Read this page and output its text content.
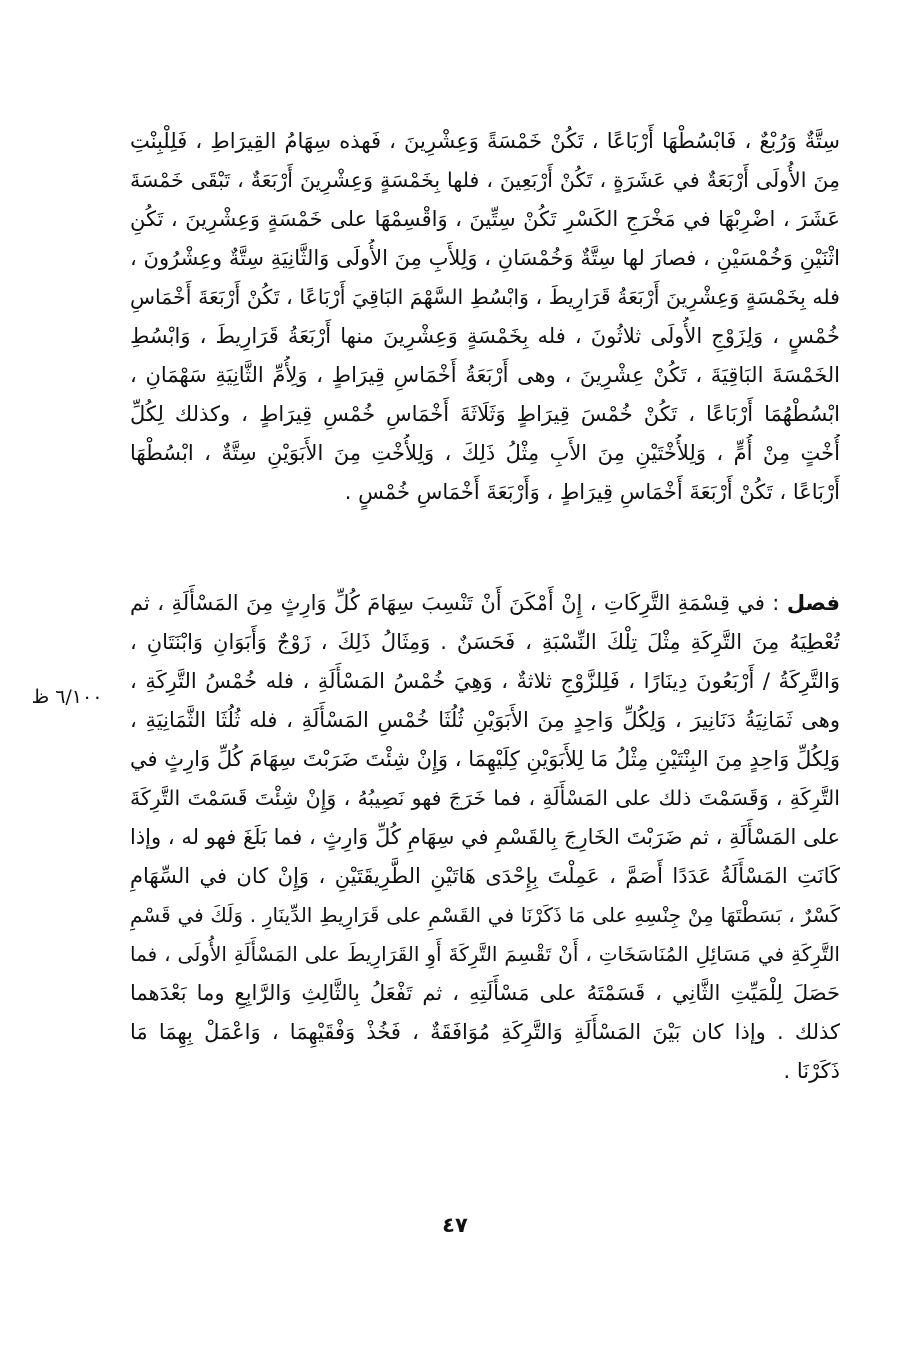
سِتَّةٌ وَرُبْعٌ ، فَابْسُطْهَا أَرْبَاعًا ، تَكُنْ خَمْسَةً وَعِشْرِينَ ، فَهذه سِهَامُ القِيرَاطِ ، فَلِلْبِنْتِ
مِنَ الأُولَى أَرْبَعَةٌ في عَشَرَةٍ ، تَكُنْ أَرْبَعِينَ ، فلها بِخَمْسَةٍ وَعِشْرِينَ أَرْبَعَةٌ ، تَبْقَى خَمْسَةَ
عَشَرَ ، اضْرِبْهَا في مَخْرَجِ الكَسْرِ تَكُنْ سِتِّينَ ، وَاقْسِمْهَا على خَمْسَةٍ وَعِشْرِينَ ، تَكُنِ
اثْنَيْنِ وَخُمْسَيْنِ ، فصارَ لها سِتَّةٌ وَخُمْسَانِ ، وَلِلأَبِ مِنَ الأُولَى وَالثَّانِيَةِ سِتَّةٌ وعِشْرُونَ ،
فله بِخَمْسَةٍ وَعِشْرِينَ أَرْبَعَةُ قَرَارِيطَ ، وَابْسُطِ السَّهْمَ البَاقِيَ أَرْبَاعًا ، تَكُنْ أَرْبَعَةَ أَخْمَاسِ
خُمْسٍ ، وَلِزَوْجِ الأُولَى ثلاثُونَ ، فله بِخَمْسَةٍ وَعِشْرِينَ منها أَرْبَعَةُ قَرَارِيطَ ، وَابْسُطِ
الخَمْسَةَ البَاقِيَةَ ، تَكُنْ عِشْرِينَ ، وهى أَرْبَعَةُ أَخْمَاسِ قِيرَاطٍ ، وَلِأُمِّ الثَّانِيَةِ سَهْمَانِ ،
ابْسُطْهُمَا أَرْبَاعًا ، تَكُنْ خُمْسَ قِيرَاطٍ وَثَلَاثَةَ أَخْمَاسِ خُمْسِ قِيرَاطٍ ، وكذلك لِكُلِّ
أُخْتٍ مِنْ أُمٍّ ، وَلِلأُخْتَيْنِ مِنَ الأَبِ مِثْلُ ذَلِكَ ، وَلِلأُخْتِ مِنَ الأَبَوَيْنِ سِتَّةٌ ، ابْسُطْهَا
أَرْبَاعًا ، تَكُنْ أَرْبَعَةَ أَخْمَاسِ قِيرَاطٍ ، وَأَرْبَعَةَ أَخْمَاسِ خُمْسٍ .
فصل : في قِسْمَةِ التَّرِكَاتِ ، إِنْ أَمْكَنَ أَنْ تَنْسِبَ سِهَامَ كُلِّ وَارِثٍ مِنَ المَسْأَلَةِ ، ثم
تُعْطِيَهُ مِنَ التَّرِكَةِ مِثْلَ تِلْكَ النِّسْبَةِ ، فَحَسَنٌ . وَمِثَالُ ذَلِكَ ، زَوْجٌ وَأَبَوَانِ وَابْنَتَانِ ،
وَالتَّرِكَةُ / أَرْبَعُونَ دِينَارًا ، فَلِلزَّوْجِ ثلاثةٌ ، وَهِيَ خُمْسُ المَسْأَلَةِ ، فله خُمْسُ التَّرِكَةِ ،
وهى ثَمَانِيَةُ دَنَانِيرَ ، وَلِكُلِّ وَاحِدٍ مِنَ الأَبَوَيْنِ ثُلُثَا خُمْسِ المَسْأَلَةِ ، فله ثُلُثَا الثَّمَانِيَةِ ،
وَلِكُلِّ وَاحِدٍ مِنَ البِنْتَيْنِ مِثْلُ مَا لِلأَبَوَيْنِ كِلَيْهِمَا ، وَإِنْ شِئْتَ ضَرَبْتَ سِهَامَ كُلِّ وَارِثٍ في
التَّرِكَةِ ، وَقَسَمْتَ ذلك على المَسْأَلَةِ ، فما خَرَجَ فهو نَصِيبُهُ ، وَإِنْ شِئْتَ قَسَمْتَ التَّرِكَةَ
على المَسْأَلَةِ ، ثم ضَرَبْتَ الخَارِجَ بِالقَسْمِ في سِهَامِ كُلِّ وَارِثٍ ، فما بَلَغَ فهو له ، وإذا
كَانَتِ المَسْأَلَةُ عَدَدًا أَصَمَّ ، عَمِلْتَ بِإِحْدَى هَاتَيْنِ الطَّرِيقَتَيْنِ ، وَإِنْ كان في السِّهَامِ
كَسْرٌ ، بَسَطْتَهَا مِنْ جِنْسِهِ على مَا ذَكَرْنَا في القَسْمِ على قَرَارِيطِ الدِّينَارِ . وَلَكَ في قَسْمِ
التَّرِكَةِ في مَسَائِلِ المُنَاسَخَاتِ ، أَنْ تَقْسِمَ التَّرِكَةَ أَوِ القَرَارِيطَ على المَسْأَلَةِ الأُولَى ، فما
حَصَلَ لِلْمَيِّتِ الثَّانِي ، قَسَمْتَهُ على مَسْأَلَتِهِ ، ثم تَفْعَلُ بِالثَّالِثِ وَالرَّابِعِ وما بَعْدَهما
كذلك . وإذا كان بَيْنَ المَسْأَلَةِ وَالتَّرِكَةِ مُوَافَقَةٌ ، فَخُذْ وَفْقَيْهِمَا ، وَاعْمَلْ بِهِمَا مَا
ذَكَرْنَا .
٦/١٠٠ ظ
٤٧
